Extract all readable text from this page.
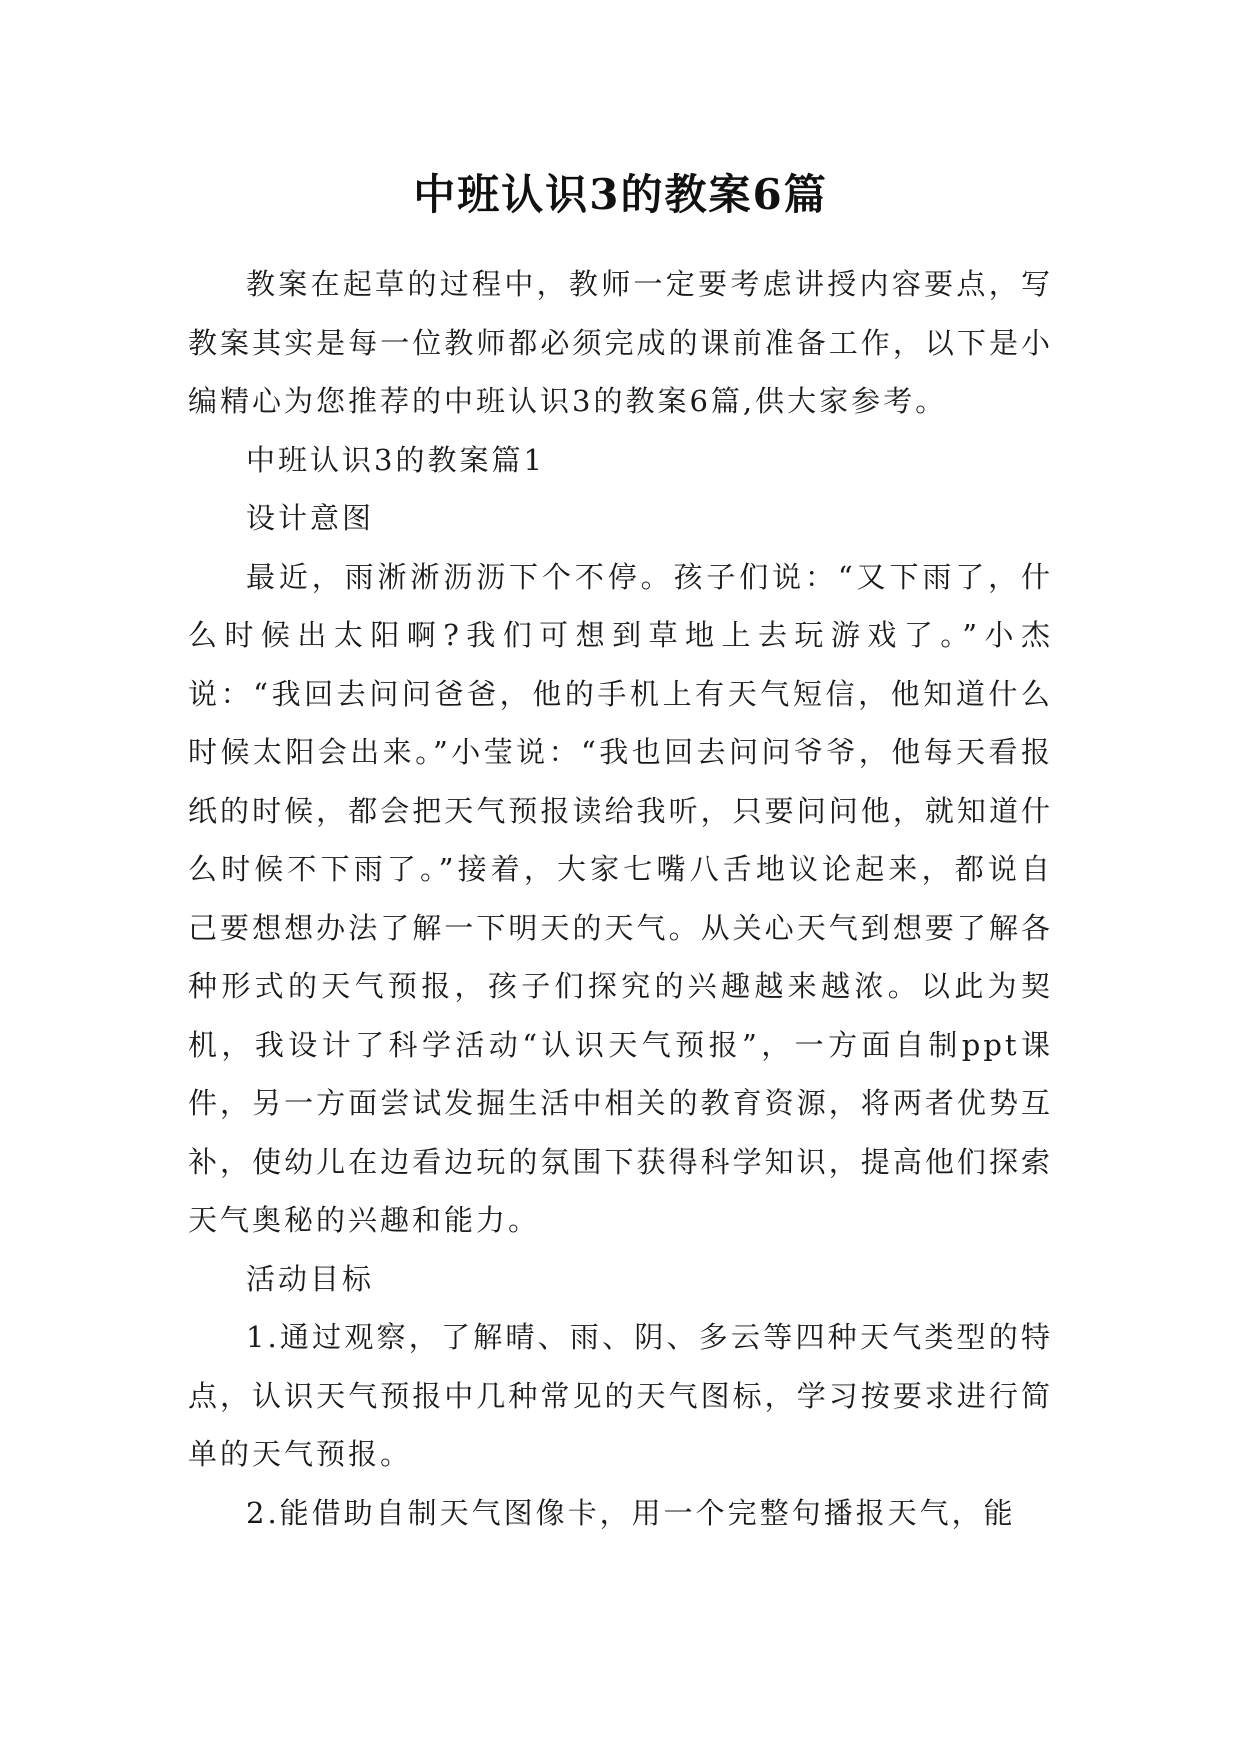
中班认识3的教案6篇

教案在起草的过程中，教师一定要考虑讲授内容要点，写教案其实是每一位教师都必须完成的课前准备工作，以下是小编精心为您推荐的中班认识3的教案6篇,供大家参考。

中班认识3的教案篇1

设计意图

最近，雨淅淅沥沥下个不停。孩子们说：“又下雨了，什么时候出太阳啊?我们可想到草地上去玩游戏了。”小杰说：“我回去问问爸爸，他的手机上有天气短信，他知道什么时候太阳会出来。”小莹说：“我也回去问问爷爷，他每天看报纸的时候，都会把天气预报读给我听，只要问问他，就知道什么时候不下雨了。”接着，大家七嘴八舌地议论起来，都说自己要想想办法了解一下明天的天气。从关心天气到想要了解各种形式的天气预报，孩子们探究的兴趣越来越浓。以此为契机，我设计了科学活动“认识天气预报”，一方面自制ppt课件，另一方面尝试发掘生活中相关的教育资源，将两者优势互补，使幼儿在边看边玩的氛围下获得科学知识，提高他们探索天气奥秘的兴趣和能力。

活动目标

1.通过观察，了解晴、雨、阴、多云等四种天气类型的特点，认识天气预报中几种常见的天气图标，学习按要求进行简单的天气预报。

2.能借助自制天气图像卡，用一个完整句播报天气，能
